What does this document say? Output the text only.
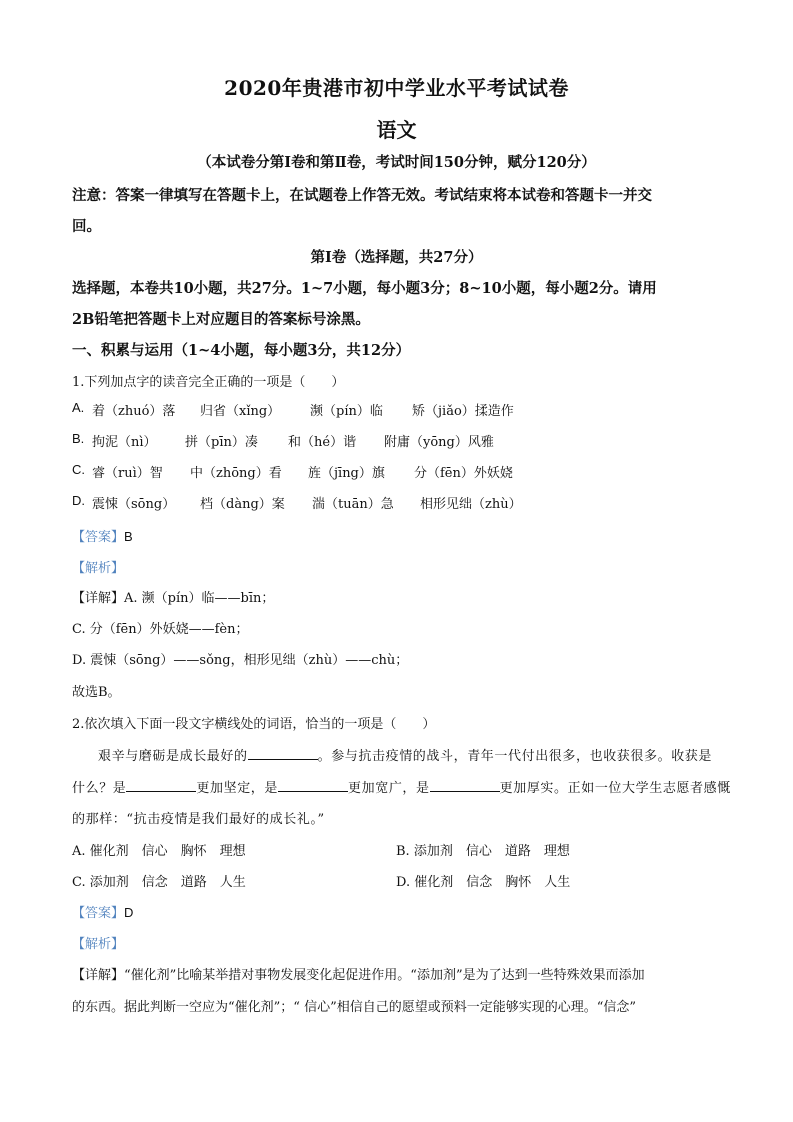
2020年贵港市初中学业水平考试试卷
语文
（本试卷分第Ⅰ卷和第Ⅱ卷，考试时间150分钟，赋分120分）
注意：答案一律填写在答题卡上，在试题卷上作答无效。考试结束将本试卷和答题卡一并交
回。
第Ⅰ卷（选择题，共27分）
选择题，本卷共10小题，共27分。1~7小题，每小题3分；8~10小题，每小题2分。请用
2B铅笔把答题卡上对应题目的答案标号涂黑。
一、积累与运用（1~4小题，每小题3分，共12分）
1.下列加点字的读音完全正确的一项是（　　）
A. 着（zhuó）落 归省（xǐng） 濒（pín）临 矫（jiǎo）揉造作
B. 拘泥（nì） 拼（pīn）凑 和（hé）谐 附庸（yōng）风雅
C. 睿（ruì）智 中（zhōng）看 旌（jīng）旗 分（fēn）外妖娆
D. 震悚（sōng） 档（dàng）案 湍（tuān）急 相形见绌（zhù）
【答案】B
【解析】
【详解】A. 濒（pín）临——bīn；
C. 分（fēn）外妖娆——fèn；
D. 震悚（sōng）——sǒng，相形见绌（zhù）——chù；
故选B。
2.依次填入下面一段文字横线处的词语，恰当的一项是（　　）
艰辛与磨砺是成长最好的	。参与抗击疫情的战斗，青年一代付出很多，也收获很多。收获是
什么？是	更加坚定，是	更加宽广，是	更加厚实。正如一位大学生志愿者感慨
的那样：“抗击疫情是我们最好的成长礼。”
A. 催化剂　信心　胸怀　理想	B. 添加剂　信心　道路　理想
C. 添加剂　信念　道路　人生	D. 催化剂　信念　胸怀　人生
【答案】D
【解析】
【详解】“催化剂”比喻某举措对事物发展变化起促进作用。“添加剂”是为了达到一些特殊效果而添加
的东西。据此判断一空应为“催化剂”；“ 信心”相信自己的愿望或预料一定能够实现的心理。“信念”
